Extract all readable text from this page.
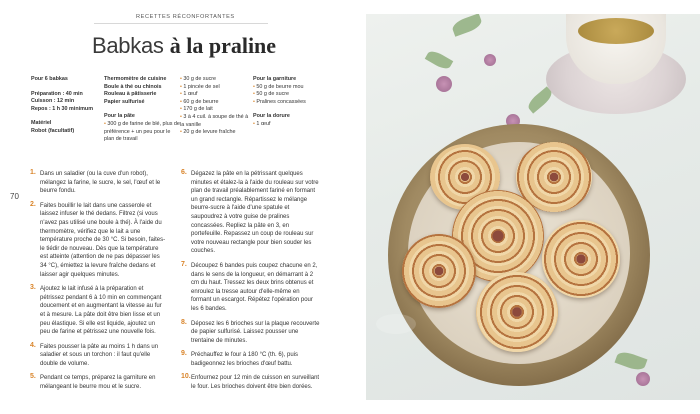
RECETTES RÉCONFORTANTES
70
Babkas à la praline
Pour 6 babkas
Préparation : 40 min
Cuisson : 12 min
Repos : 1 h 30 minimum
Matériel
Robot (facultatif)
Thermomètre de cuisine
Boule à thé ou chinois
Rouleau à pâtisserie
Papier sulfurisé
Pour la pâte
• 300 g de farine de blé, plus de préférence + un peu pour le plan de travail
• 30 g de sucre
• 1 pincée de sel
• 1 œuf
• 60 g de beurre
• 170 g de lait
• 3 à 4 cuil. à soupe de thé à la vanille
• 20 g de levure fraîche
Pour la garniture
• 50 g de beurre mou
• 50 g de sucre
• Pralines concassées
Pour la dorure
• 1 œuf
1. Dans un saladier (ou la cuve d'un robot), mélangez la farine, le sucre, le sel, l'œuf et le beurre fondu.
2. Faites bouillir le lait dans une casserole et laissez infuser le thé dedans. Filtrez (si vous n'avez pas utilisé une boule à thé). À l'aide du thermomètre, vérifiez que le lait a une température proche de 30 °C. Si besoin, faites-le tiédir de nouveau. Dès que la température est atteinte (attention de ne pas dépasser les 34 °C), émiettez la levure fraîche dedans et laisser agir quelques minutes.
3. Ajoutez le lait infusé à la préparation et pétrissez pendant 6 à 10 min en commençant doucement et en augmentant la vitesse au fur et à mesure. La pâte doit être bien lisse et un peu élastique. Si elle est liquide, ajoutez un peu de farine et pétrissez une nouvelle fois.
4. Faites pousser la pâte au moins 1 h dans un saladier et sous un torchon : il faut qu'elle double de volume.
5. Pendant ce temps, préparez la garniture en mélangeant le beurre mou et le sucre.
6. Dégazez la pâte en la pétrissant quelques minutes et étalez-la à l'aide du rouleau sur votre plan de travail préalablement fariné en formant un grand rectangle. Répartissez le mélange beurre-sucre à l'aide d'une spatule et saupoudrez à votre guise de pralines concassées. Repliez la pâte en 3, en portefeuille. Repassez un coup de rouleau sur votre nouveau rectangle pour bien souder les couches.
7. Découpez 6 bandes puis coupez chacune en 2, dans le sens de la longueur, en démarrant à 2 cm du haut. Tressez les deux brins obtenus et enroulez la tresse autour d'elle-même en formant un escargot. Répétez l'opération pour les 6 bandes.
8. Déposez les 6 brioches sur la plaque recouverte de papier sulfurisé. Laissez pousser une trentaine de minutes.
9. Préchauffez le four à 180 °C (th. 6), puis badigeonnez les brioches d'œuf battu.
10. Enfournez pour 12 min de cuisson en surveillant le four. Les brioches doivent être bien dorées.
